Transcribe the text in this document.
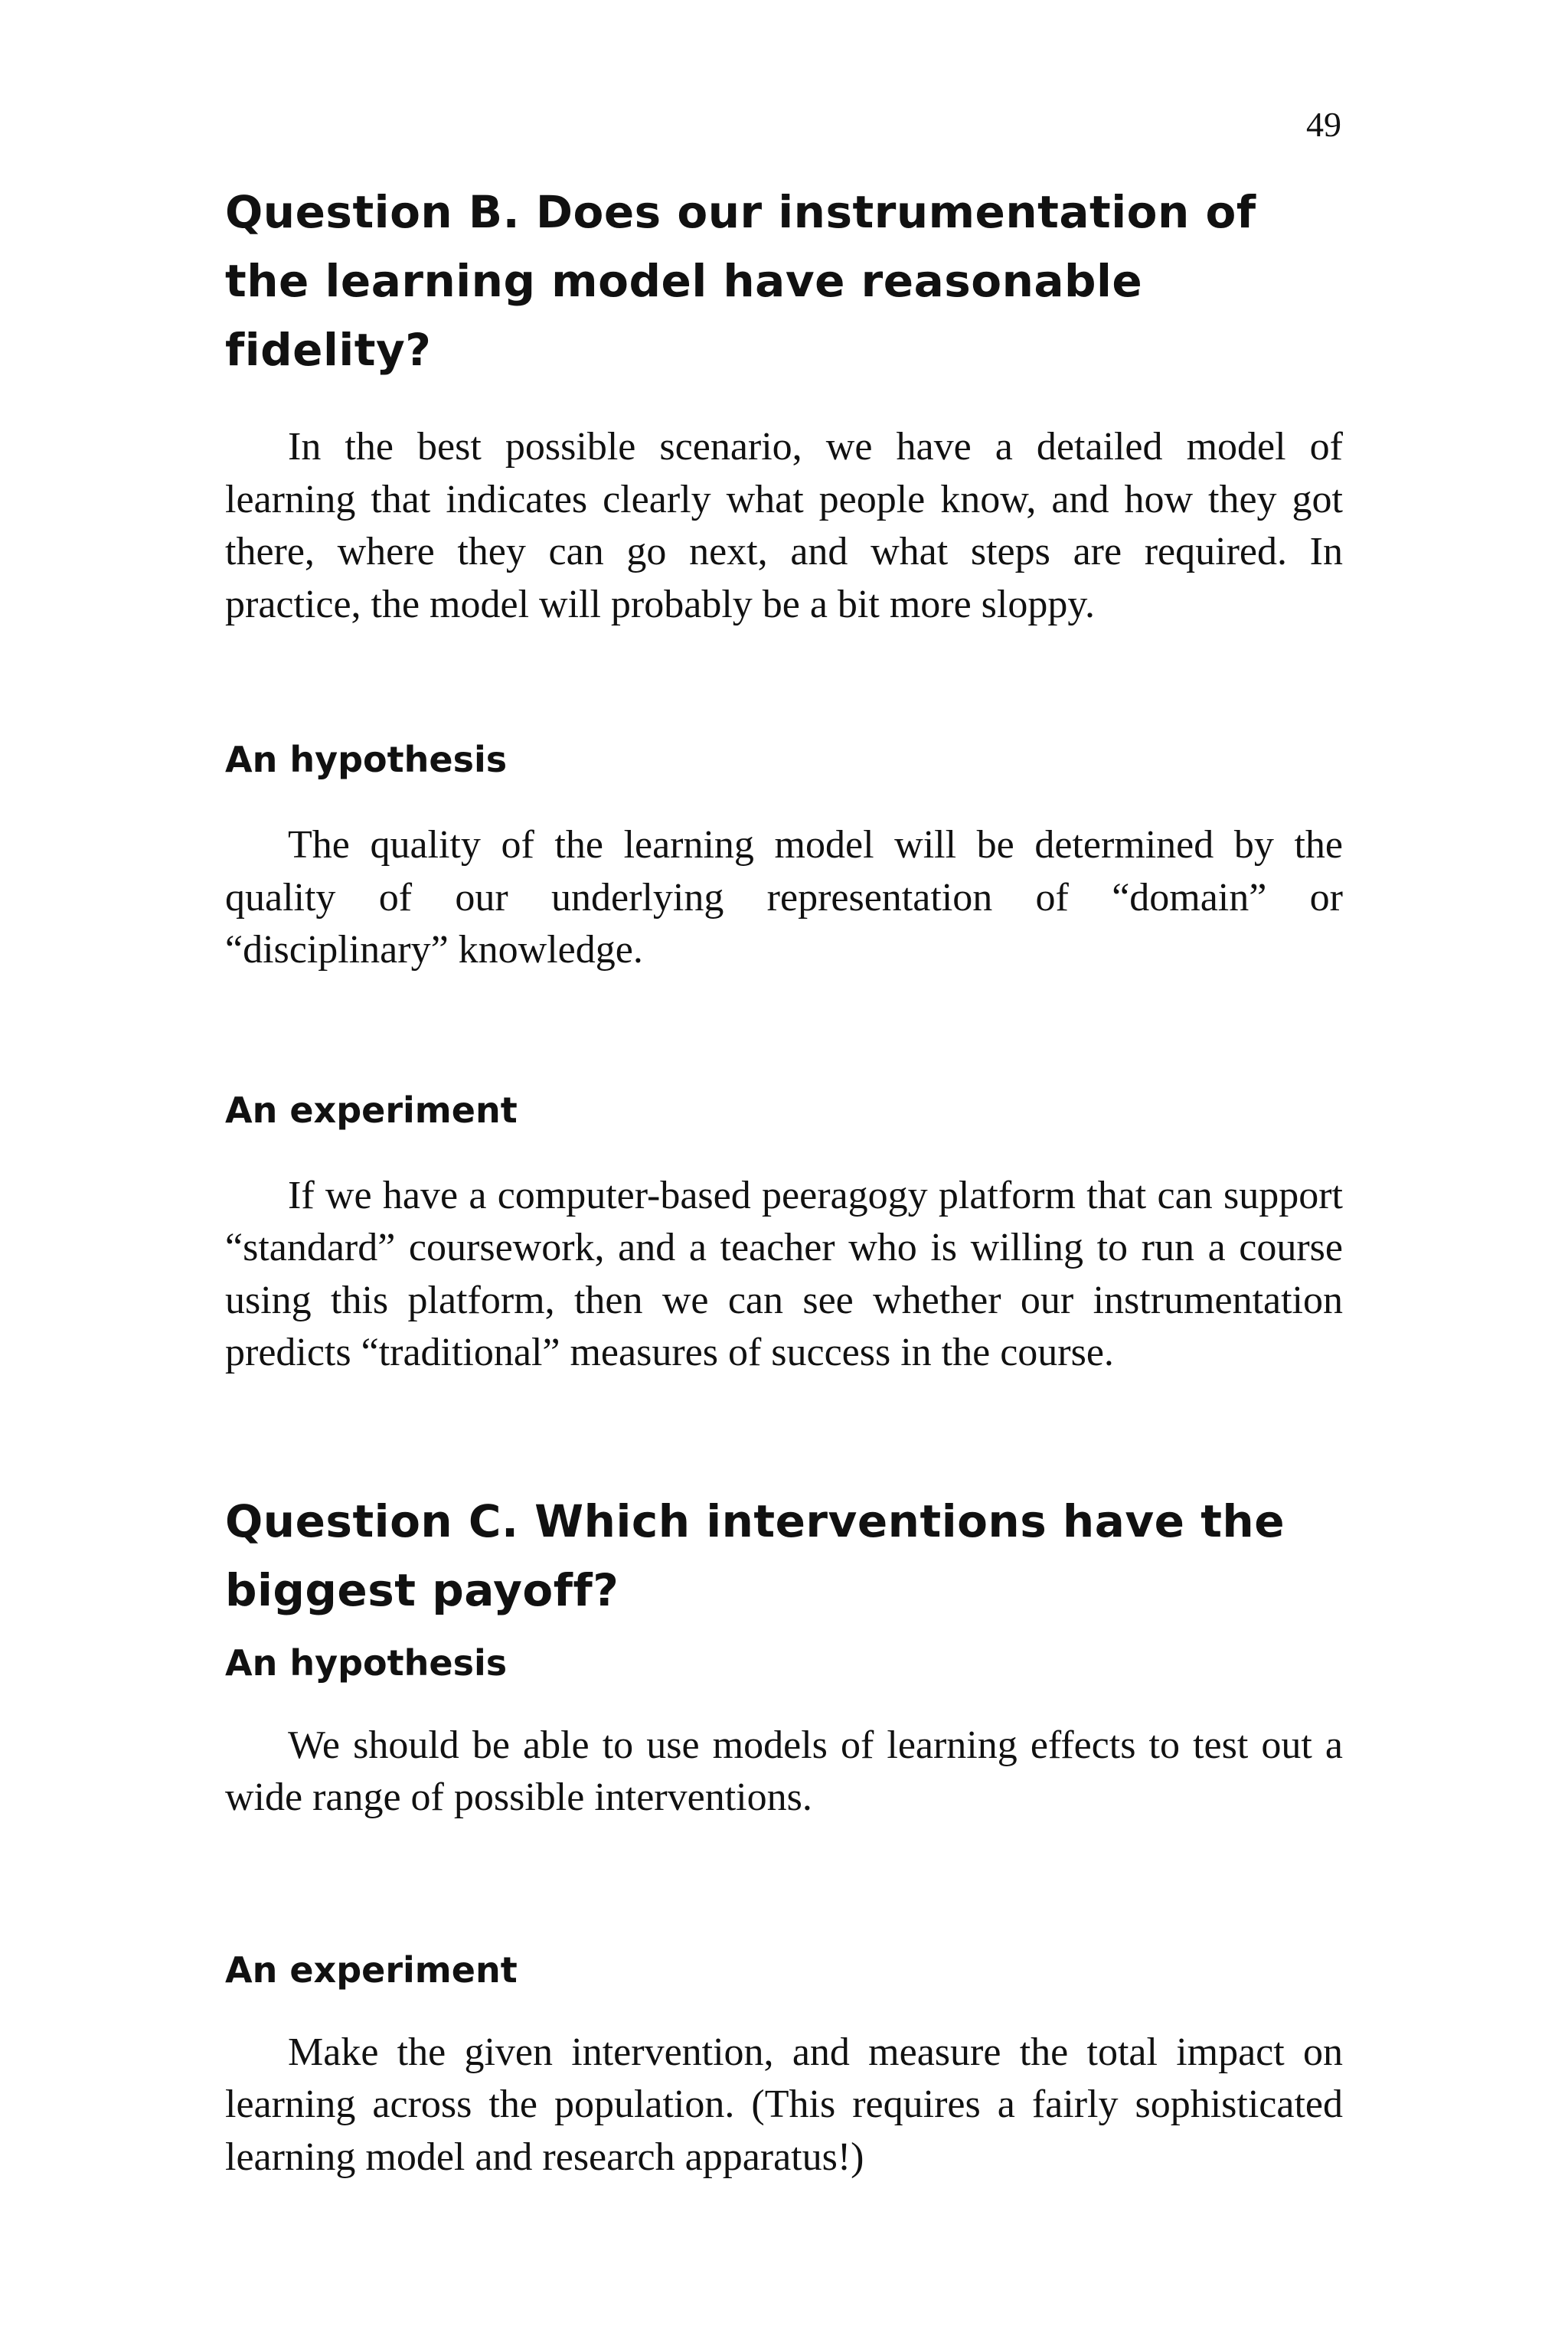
49
Question B. Does our instrumentation of the learning model have reasonable fidelity?

In the best possible scenario, we have a detailed model of learning that indicates clearly what people know, and how they got there, where they can go next, and what steps are required. In practice, the model will probably be a bit more sloppy.

An hypothesis

The quality of the learning model will be determined by the quality of our underlying representation of “domain” or “disciplinary” knowledge.

An experiment

If we have a computer-based peeragogy platform that can support “standard” coursework, and a teacher who is willing to run a course using this platform, then we can see whether our instrumentation predicts “traditional” measures of success in the course.

Question C. Which interventions have the biggest payoff?
An hypothesis

We should be able to use models of learning effects to test out a wide range of possible interventions.

An experiment

Make the given intervention, and measure the total impact on learning across the population. (This requires a fairly sophisticated learning model and research apparatus!)
